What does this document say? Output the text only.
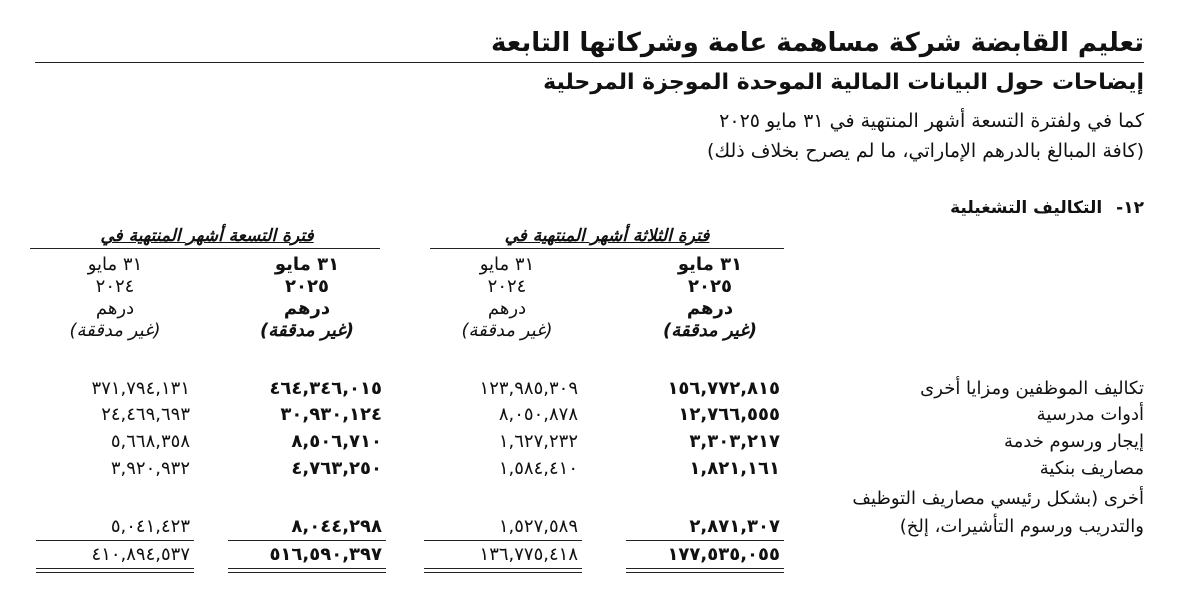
تعليم القابضة شركة مساهمة عامة وشركاتها التابعة
إيضاحات حول البيانات المالية الموحدة الموجزة المرحلية
كما في ولفترة التسعة أشهر المنتهية في ٣١ مايو ٢٠٢٥
(كافة المبالغ بالدرهم الإماراتي، ما لم يصرح بخلاف ذلك)
١٢-التكاليف التشغيلية
فترة الثلاثة أشهر المنتهية في
فترة التسعة أشهر المنتهية في
٣١ مايو
٢٠٢٥
درهم
(غير مدققة)
٣١ مايو
٢٠٢٤
درهم
(غير مدققة)
٣١ مايو
٢٠٢٥
درهم
(غير مدققة)
٣١ مايو
٢٠٢٤
درهم
(غير مدققة)
تكاليف الموظفين ومزايا أخرى
أدوات مدرسية
إيجار ورسوم خدمة
مصاريف بنكية
أخرى (بشكل رئيسي مصاريف التوظيف
والتدريب ورسوم التأشيرات، إلخ)
١٥٦,٧٧٢,٨١٥
١٢٣,٩٨٥,٣٠٩
٤٦٤,٣٤٦,٠١٥
٣٧١,٧٩٤,١٣١
١٢,٧٦٦,٥٥٥
٨,٠٥٠,٨٧٨
٣٠,٩٣٠,١٢٤
٢٤,٤٦٩,٦٩٣
٣,٣٠٣,٢١٧
١,٦٢٧,٢٣٢
٨,٥٠٦,٧١٠
٥,٦٦٨,٣٥٨
١,٨٢١,١٦١
١,٥٨٤,٤١٠
٤,٧٦٣,٢٥٠
٣,٩٢٠,٩٣٢
٢,٨٧١,٣٠٧
١,٥٢٧,٥٨٩
٨,٠٤٤,٢٩٨
٥,٠٤١,٤٢٣
١٧٧,٥٣٥,٠٥٥
١٣٦,٧٧٥,٤١٨
٥١٦,٥٩٠,٣٩٧
٤١٠,٨٩٤,٥٣٧
